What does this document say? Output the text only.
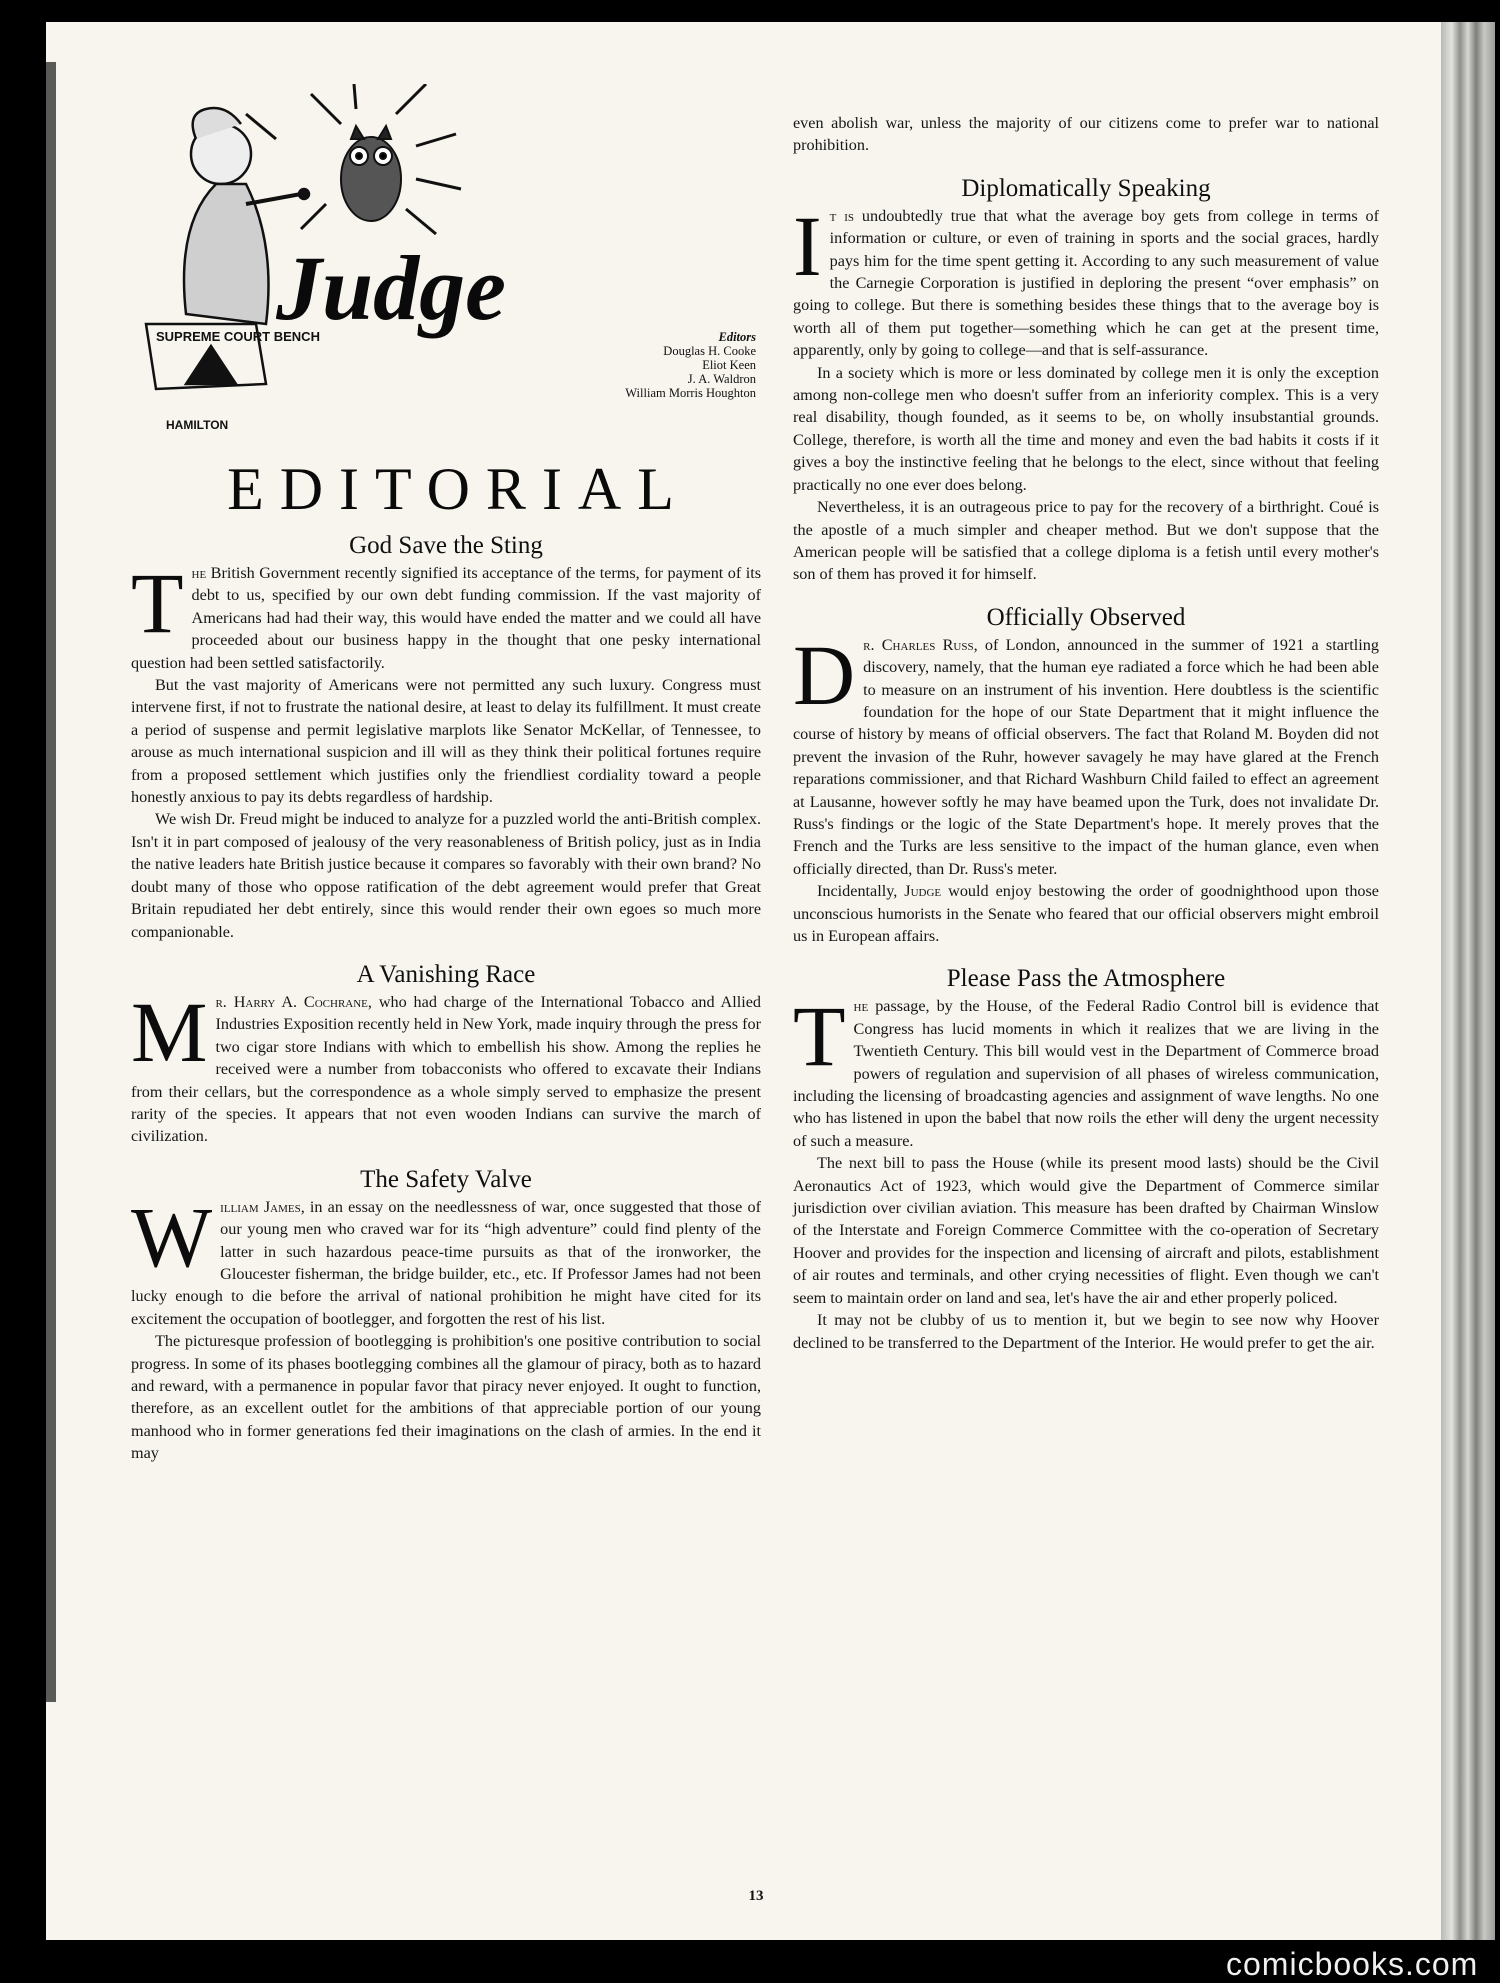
SUPREME COURT BENCH
Judge
HAMILTON
Editors
Douglas H. Cooke
Eliot Keen
J. A. Waldron
William Morris Houghton
EDITORIAL
God Save the Sting

The British Government recently signified its acceptance of the terms, for payment of its debt to us, specified by our own debt funding commission. If the vast majority of Americans had had their way, this would have ended the matter and we could all have proceeded about our business happy in the thought that one pesky international question had been settled satisfactorily.

But the vast majority of Americans were not permitted any such luxury. Congress must intervene first, if not to frustrate the national desire, at least to delay its fulfillment. It must create a period of suspense and permit legislative marplots like Senator McKellar, of Tennessee, to arouse as much international suspicion and ill will as they think their political fortunes require from a proposed settlement which justifies only the friendliest cordiality toward a people honestly anxious to pay its debts regardless of hardship.

We wish Dr. Freud might be induced to analyze for a puzzled world the anti-British complex. Isn't it in part composed of jealousy of the very reasonableness of British policy, just as in India the native leaders hate British justice because it compares so favorably with their own brand? No doubt many of those who oppose ratification of the debt agreement would prefer that Great Britain repudiated her debt entirely, since this would render their own egoes so much more companionable.

A Vanishing Race

Mr. Harry A. Cochrane, who had charge of the International Tobacco and Allied Industries Exposition recently held in New York, made inquiry through the press for two cigar store Indians with which to embellish his show. Among the replies he received were a number from tobacconists who offered to excavate their Indians from their cellars, but the correspondence as a whole simply served to emphasize the present rarity of the species. It appears that not even wooden Indians can survive the march of civilization.

The Safety Valve

William James, in an essay on the needlessness of war, once suggested that those of our young men who craved war for its “high adventure” could find plenty of the latter in such hazardous peace-time pursuits as that of the ironworker, the Gloucester fisherman, the bridge builder, etc., etc. If Professor James had not been lucky enough to die before the arrival of national prohibition he might have cited for its excitement the occupation of bootlegger, and forgotten the rest of his list.

The picturesque profession of bootlegging is prohibition's one positive contribution to social progress. In some of its phases bootlegging combines all the glamour of piracy, both as to hazard and reward, with a permanence in popular favor that piracy never enjoyed. It ought to function, therefore, as an excellent outlet for the ambitions of that appreciable portion of our young manhood who in former generations fed their imaginations on the clash of armies. In the end it may

even abolish war, unless the majority of our citizens come to prefer war to national prohibition.

Diplomatically Speaking

It is undoubtedly true that what the average boy gets from college in terms of information or culture, or even of training in sports and the social graces, hardly pays him for the time spent getting it. According to any such measurement of value the Carnegie Corporation is justified in deploring the present “over emphasis” on going to college. But there is something besides these things that to the average boy is worth all of them put together—something which he can get at the present time, apparently, only by going to college—and that is self-assurance.

In a society which is more or less dominated by college men it is only the exception among non-college men who doesn't suffer from an inferiority complex. This is a very real disability, though founded, as it seems to be, on wholly insubstantial grounds. College, therefore, is worth all the time and money and even the bad habits it costs if it gives a boy the instinctive feeling that he belongs to the elect, since without that feeling practically no one ever does belong.

Nevertheless, it is an outrageous price to pay for the recovery of a birthright. Coué is the apostle of a much simpler and cheaper method. But we don't suppose that the American people will be satisfied that a college diploma is a fetish until every mother's son of them has proved it for himself.

Officially Observed

Dr. Charles Russ, of London, announced in the summer of 1921 a startling discovery, namely, that the human eye radiated a force which he had been able to measure on an instrument of his invention. Here doubtless is the scientific foundation for the hope of our State Department that it might influence the course of history by means of official observers. The fact that Roland M. Boyden did not prevent the invasion of the Ruhr, however savagely he may have glared at the French reparations commissioner, and that Richard Washburn Child failed to effect an agreement at Lausanne, however softly he may have beamed upon the Turk, does not invalidate Dr. Russ's findings or the logic of the State Department's hope. It merely proves that the French and the Turks are less sensitive to the impact of the human glance, even when officially directed, than Dr. Russ's meter.

Incidentally, Judge would enjoy bestowing the order of goodnighthood upon those unconscious humorists in the Senate who feared that our official observers might embroil us in European affairs.

Please Pass the Atmosphere

The passage, by the House, of the Federal Radio Control bill is evidence that Congress has lucid moments in which it realizes that we are living in the Twentieth Century. This bill would vest in the Department of Commerce broad powers of regulation and supervision of all phases of wireless communication, including the licensing of broadcasting agencies and assignment of wave lengths. No one who has listened in upon the babel that now roils the ether will deny the urgent necessity of such a measure.

The next bill to pass the House (while its present mood lasts) should be the Civil Aeronautics Act of 1923, which would give the Department of Commerce similar jurisdiction over civilian aviation. This measure has been drafted by Chairman Winslow of the Interstate and Foreign Commerce Committee with the co-operation of Secretary Hoover and provides for the inspection and licensing of aircraft and pilots, establishment of air routes and terminals, and other crying necessities of flight. Even though we can't seem to maintain order on land and sea, let's have the air and ether properly policed.

It may not be clubby of us to mention it, but we begin to see now why Hoover declined to be transferred to the Department of the Interior. He would prefer to get the air.

13
comicbooks.com
